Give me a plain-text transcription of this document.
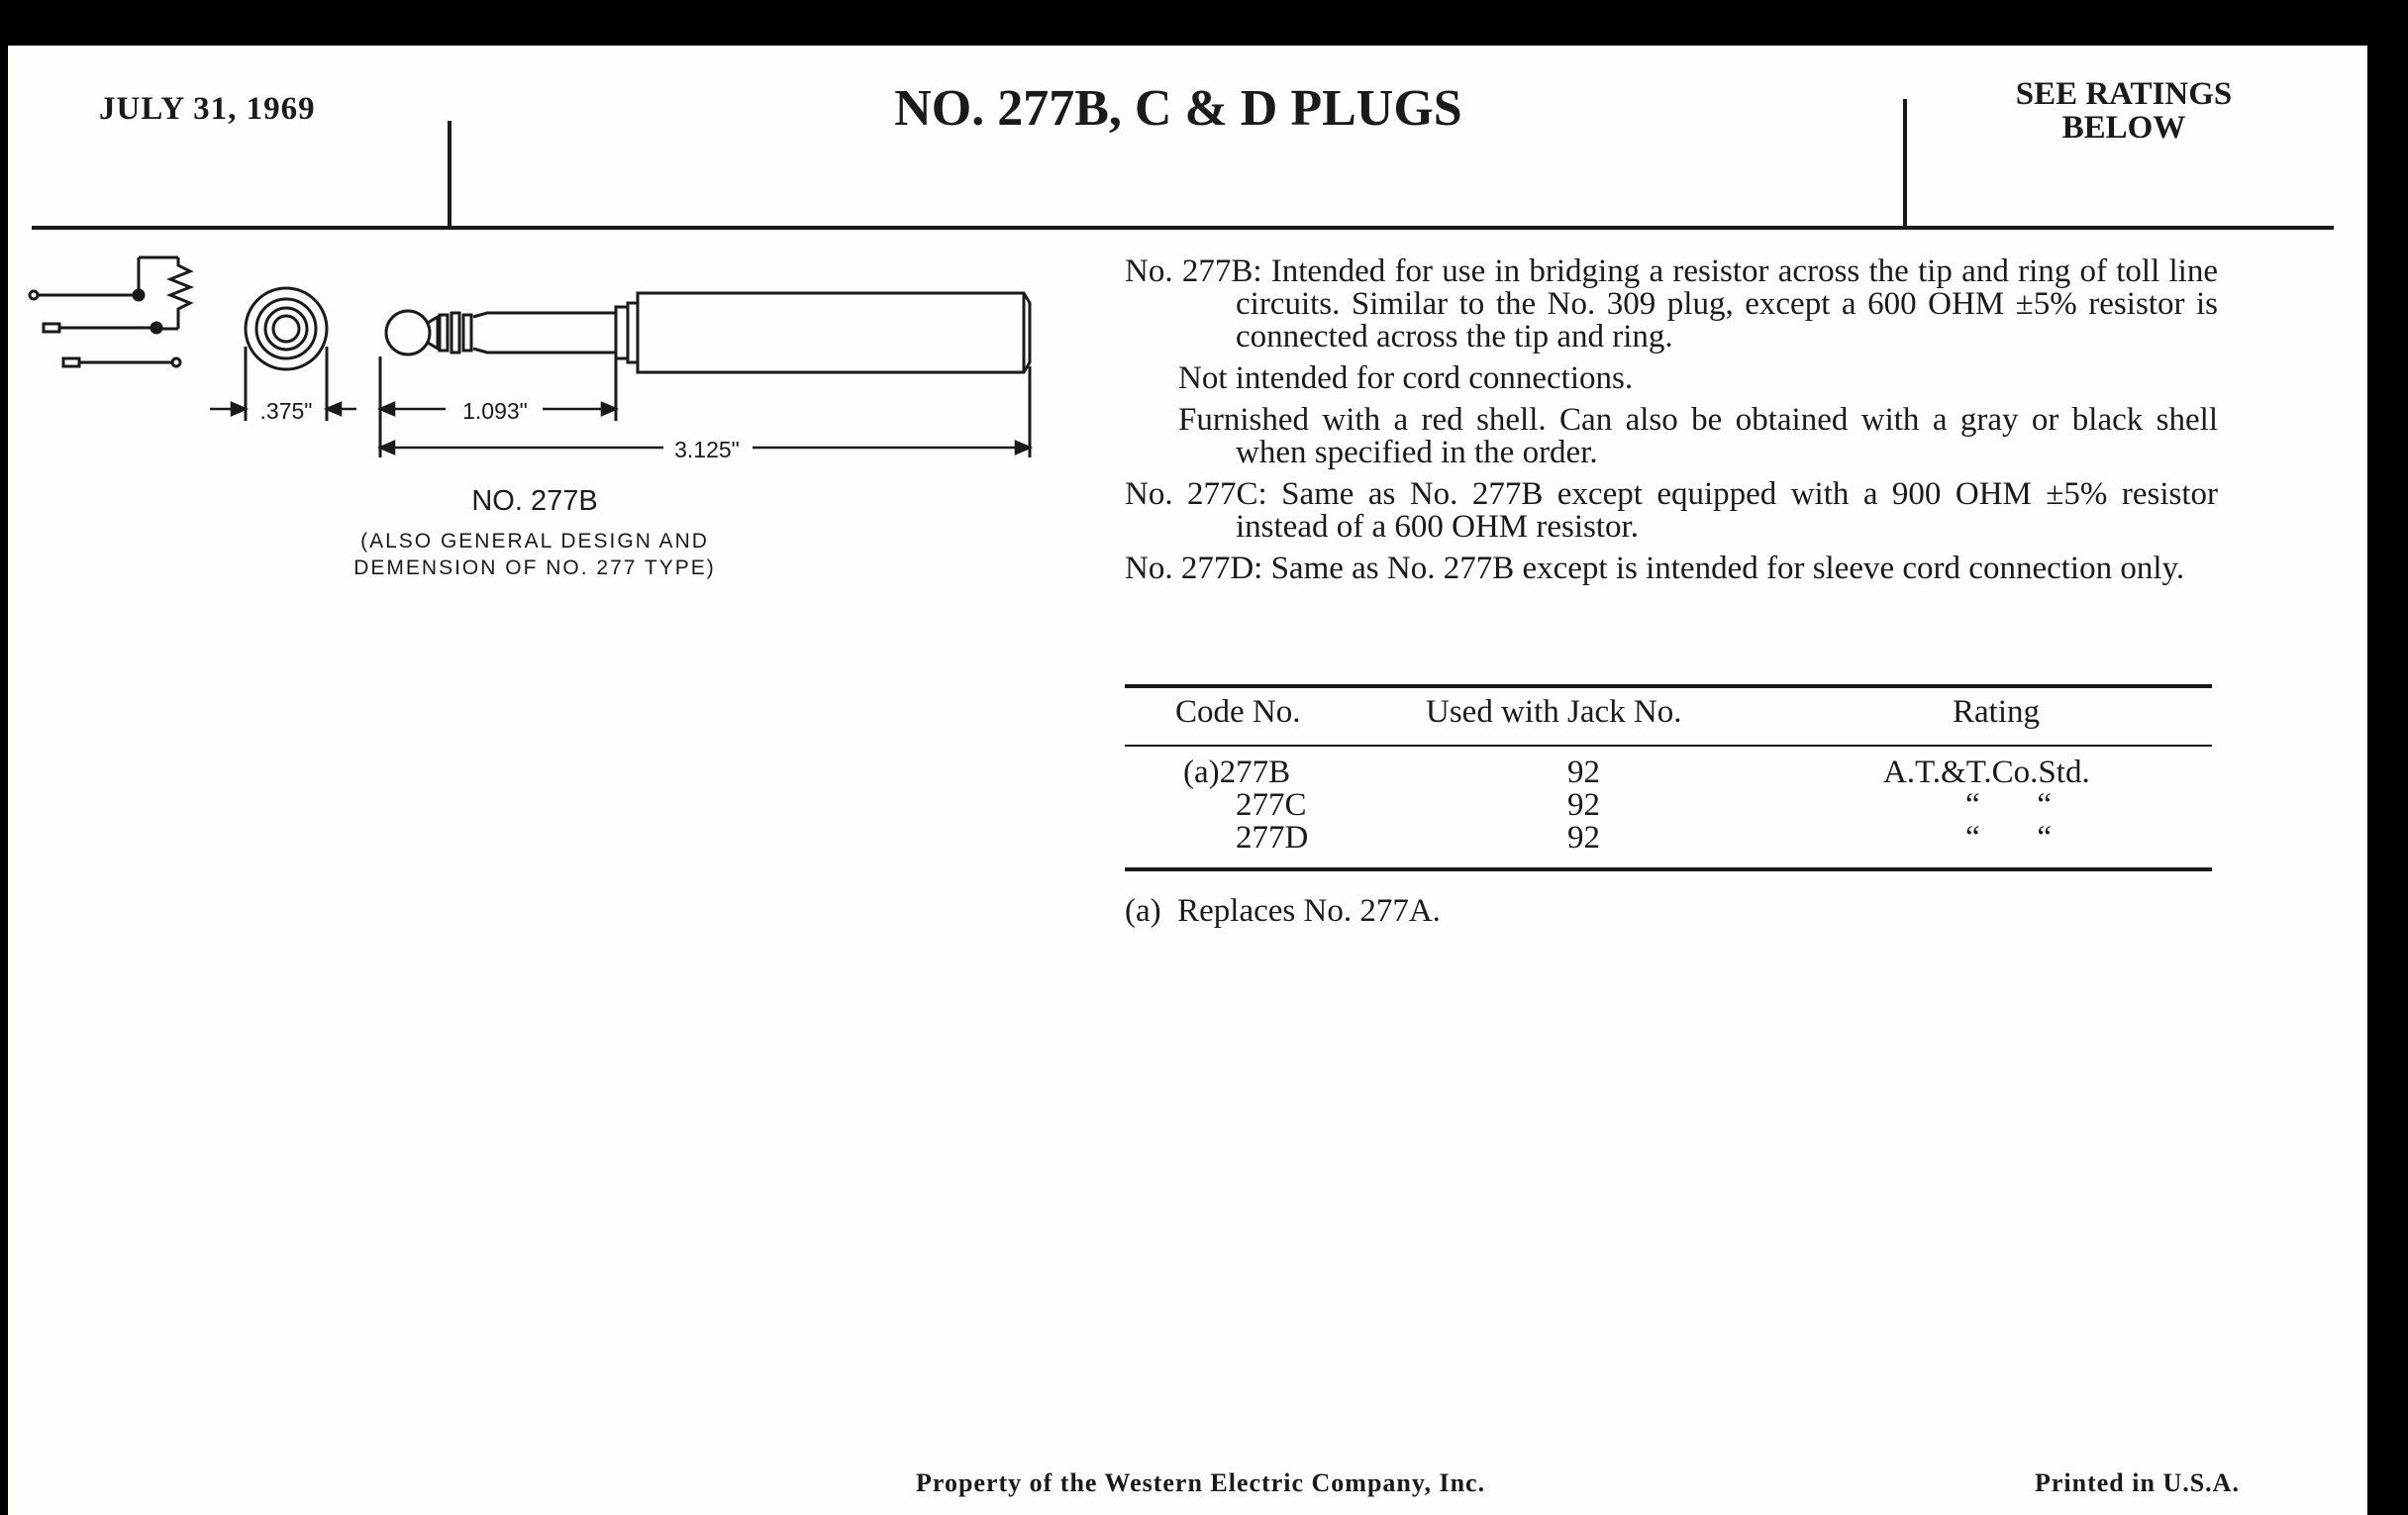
JULY 31, 1969	NO. 277B, C & D PLUGS	SEE RATINGS
BELOW
.375"	1.093"
3.125"
NO. 277B
(ALSO GENERAL DESIGN AND
DEMENSION OF NO. 277 TYPE)

No. 277B: Intended for use in bridging a resistor across the tip and ring of toll line circuits. Similar to the No. 309 plug, except a 600 OHM ±5% resistor is connected across the tip and ring.

Not intended for cord connections.

Furnished with a red shell. Can also be obtained with a gray or black shell when specified in the order.

No. 277C: Same as No. 277B except equipped with a 900 OHM ±5% resistor instead of a 600 OHM resistor.

No. 277D: Same as No. 277B except is intended for sleeve cord connection only.

Code No.	Used with Jack No.	Rating
(a)277B	92	A.T.&T.Co.Std.
277C	92	“       “
277D	92	“       “
(a)  Replaces No. 277A.
Property of the Western Electric Company, Inc.	Printed in U.S.A.
